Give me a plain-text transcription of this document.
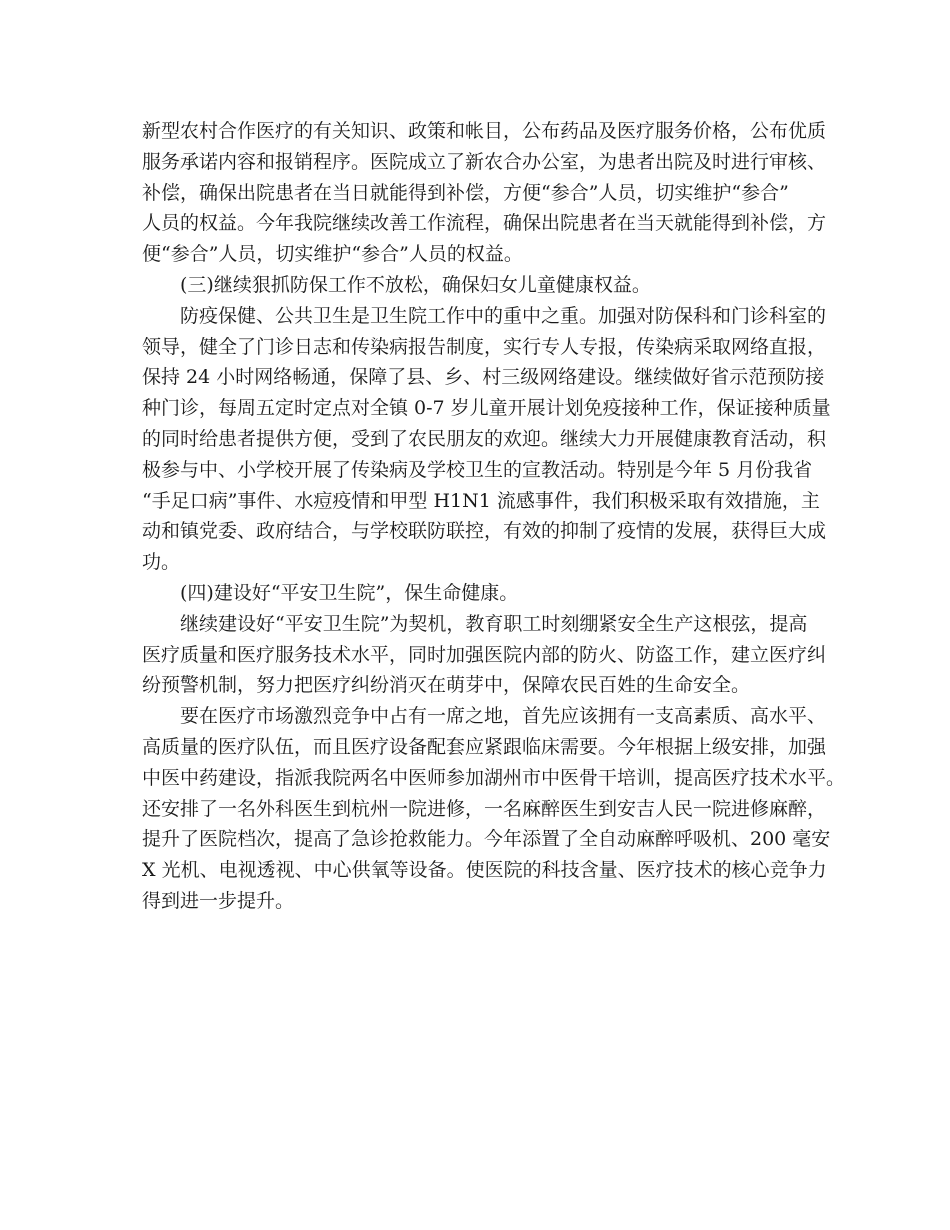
新型农村合作医疗的有关知识、政策和帐目，公布药品及医疗服务价格，公布优质
服务承诺内容和报销程序。医院成立了新农合办公室，为患者出院及时进行审核、
补偿，确保出院患者在当日就能得到补偿，方便“参合”人员，切实维护“参合”
人员的权益。今年我院继续改善工作流程，确保出院患者在当天就能得到补偿，方
便“参合”人员，切实维护“参合”人员的权益。
(三)继续狠抓防保工作不放松，确保妇女儿童健康权益。
防疫保健、公共卫生是卫生院工作中的重中之重。加强对防保科和门诊科室的
领导，健全了门诊日志和传染病报告制度，实行专人专报，传染病采取网络直报，
保持 24 小时网络畅通，保障了县、乡、村三级网络建设。继续做好省示范预防接
种门诊，每周五定时定点对全镇 0-7 岁儿童开展计划免疫接种工作，保证接种质量
的同时给患者提供方便，受到了农民朋友的欢迎。继续大力开展健康教育活动，积
极参与中、小学校开展了传染病及学校卫生的宣教活动。特别是今年 5 月份我省
“手足口病”事件、水痘疫情和甲型 H1N1 流感事件，我们积极采取有效措施，主
动和镇党委、政府结合，与学校联防联控，有效的抑制了疫情的发展，获得巨大成
功。
(四)建设好“平安卫生院”，保生命健康。
继续建设好“平安卫生院”为契机，教育职工时刻绷紧安全生产这根弦，提高
医疗质量和医疗服务技术水平，同时加强医院内部的防火、防盗工作，建立医疗纠
纷预警机制，努力把医疗纠纷消灭在萌芽中，保障农民百姓的生命安全。
要在医疗市场激烈竞争中占有一席之地，首先应该拥有一支高素质、高水平、
高质量的医疗队伍，而且医疗设备配套应紧跟临床需要。今年根据上级安排，加强
中医中药建设，指派我院两名中医师参加湖州市中医骨干培训，提高医疗技术水平。
还安排了一名外科医生到杭州一院进修，一名麻醉医生到安吉人民一院进修麻醉，
提升了医院档次，提高了急诊抢救能力。今年添置了全自动麻醉呼吸机、200 毫安
X 光机、电视透视、中心供氧等设备。使医院的科技含量、医疗技术的核心竞争力
得到进一步提升。
